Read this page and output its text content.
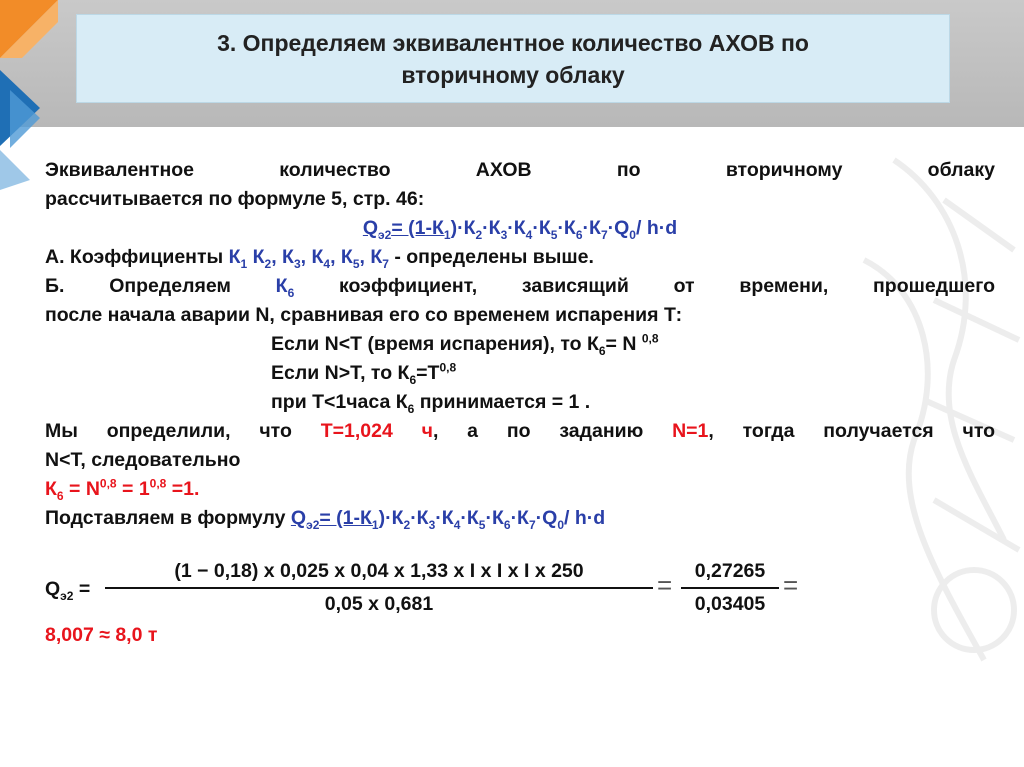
3. Определяем эквивалентное количество АХОВ по
вторичному облаку
Эквивалентное количество АХОВ по вторичному облаку
рассчитывается по формуле 5, стр. 46:
$Q_{э2}= (1-К_1)\cdot К_2\cdot К_3\cdot К_4\cdot К_5\cdot К_6\cdot К_7\cdot Q_0/$ h·d
А. Коэффициенты $К_1$ $К_2$, $К_3$, $К_4$, $К_5$, $К_7$ - определены выше.
Б. Определяем $К_6$ коэффициент, зависящий от времени, прошедшего
после начала аварии N, сравнивая его со временем испарения Т:
Если N<Т (время испарения), то $К_6= N$ $^{0,8}$
Если N>Т, то $К_6=Т^{0,8}$
при Т<1часа $К_6$ принимается = 1 .
Мы определили, что Т=1,024 ч, а по заданию N=1, тогда получается что
N<Т, следовательно
$К_6 = N^{0,8} = 1^{0,8} =1$.
Подставляем в формулу $Q_{э2}= (1-К_1)\cdot К_2\cdot К_3\cdot К_4\cdot К_5\cdot К_6\cdot К_7\cdot Q_0/$ h·d
$Q_{э2}$ =
(1 − 0,18) х 0,025 х 0,04 х 1,33 х I х I х I х 250
0,05 х 0,681
=	0,27265
0,03405
=
8,007 ≈ 8,0 т
